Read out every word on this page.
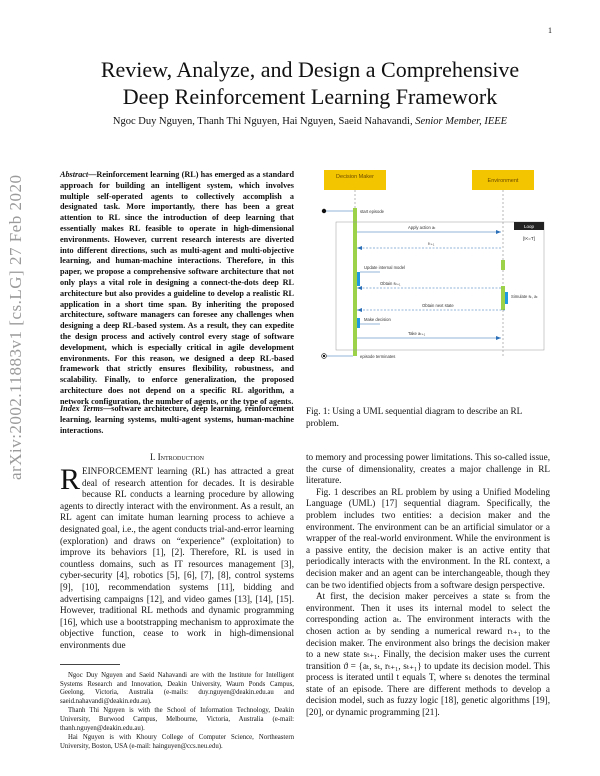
1
arXiv:2002.11883v1 [cs.LG] 27 Feb 2020
Review, Analyze, and Design a Comprehensive
Deep Reinforcement Learning Framework
Ngoc Duy Nguyen, Thanh Thi Nguyen, Hai Nguyen, Saeid Nahavandi, Senior Member, IEEE
Abstract—Reinforcement learning (RL) has emerged as a standard approach for building an intelligent system, which involves multiple self-operated agents to collectively accomplish a designated task. More importantly, there has been a great attention to RL since the introduction of deep learning that essentially makes RL feasible to operate in high-dimensional environments. However, current research interests are diverted into different directions, such as multi-agent and multi-objective learning, and human-machine interactions. Therefore, in this paper, we propose a comprehensive software architecture that not only plays a vital role in designing a connect-the-dots deep RL architecture but also provides a guideline to develop a realistic RL application in a short time span. By inheriting the proposed architecture, software managers can foresee any challenges when designing a deep RL-based system. As a result, they can expedite the design process and actively control every stage of software development, which is especially critical in agile development environments. For this reason, we designed a deep RL-based framework that strictly ensures flexibility, robustness, and scalability. Finally, to enforce generalization, the proposed architecture does not depend on a specific RL algorithm, a network configuration, the number of agents, or the type of agents.
Index Terms—software architecture, deep learning, reinforcement learning, learning systems, multi-agent systems, human-machine interactions.
I. Introduction

REINFORCEMENT learning (RL) has attracted a great deal of research attention for decades. It is desirable because RL conducts a learning procedure by allowing agents to directly interact with the environment. As a result, an RL agent can imitate human learning process to achieve a designated goal, i.e., the agent conducts trial-and-error learning (exploration) and draws on “experience” (exploitation) to improve its behaviors [1], [2]. Therefore, RL is used in countless domains, such as IT resources management [3], cyber-security [4], robotics [5], [6], [7], [8], control systems [9], [10], recommendation systems [11], bidding and advertising campaigns [12], and video games [13], [14], [15]. However, traditional RL methods and dynamic programming [16], which use a bootstrapping mechanism to approximate the objective function, cease to work in high-dimensional environments due

Ngoc Duy Nguyen and Saeid Nahavandi are with the Institute for Intelligent Systems Research and Innovation, Deakin University, Waurn Ponds Campus, Geelong, Victoria, Australia (e-mails: duy.nguyen@deakin.edu.au and saeid.nahavandi@deakin.edu.au).

Thanh Thi Nguyen is with the School of Information Technology, Deakin University, Burwood Campus, Melbourne, Victoria, Australia (e-mail: thanh.nguyen@deakin.edu.au).

Hai Nguyen is with Khoury College of Computer Science, Northeastern University, Boston, USA (e-mail: hainguyen@ccs.neu.edu).

Decision Maker
Environment
start episode
Loop
[t<=T]
Apply action aₜ
rₜ₊₁
Update internal model
Obtain sₜ₊₁
Simulate sₜ, aₜ
Obtain next state
Make decision
Take aₜ₊₁
episode terminates
Fig. 1: Using a UML sequential diagram to describe an RL problem.

to memory and processing power limitations. This so-called issue, the curse of dimensionality, creates a major challenge in RL literature.

Fig. 1 describes an RL problem by using a Unified Modeling Language (UML) [17] sequential diagram. Specifically, the problem includes two entities: a decision maker and the environment. The environment can be an artificial simulator or a wrapper of the real-world environment. While the environment is a passive entity, the decision maker is an active entity that periodically interacts with the environment. In the RL context, a decision maker and an agent can be interchangeable, though they can be two identified objects from a software design perspective.

At first, the decision maker perceives a state sₜ from the environment. Then it uses its internal model to select the corresponding action aₜ. The environment interacts with the chosen action aₜ by sending a numerical reward rₜ₊₁ to the decision maker. The environment also brings the decision maker to a new state sₜ₊₁. Finally, the decision maker uses the current transition ϑ = {aₜ, sₜ, rₜ₊₁, sₜ₊₁} to update its decision model. This process is iterated until t equals T, where sₜ denotes the terminal state of an episode. There are different methods to develop a decision model, such as fuzzy logic [18], genetic algorithms [19], [20], or dynamic programming [21].
